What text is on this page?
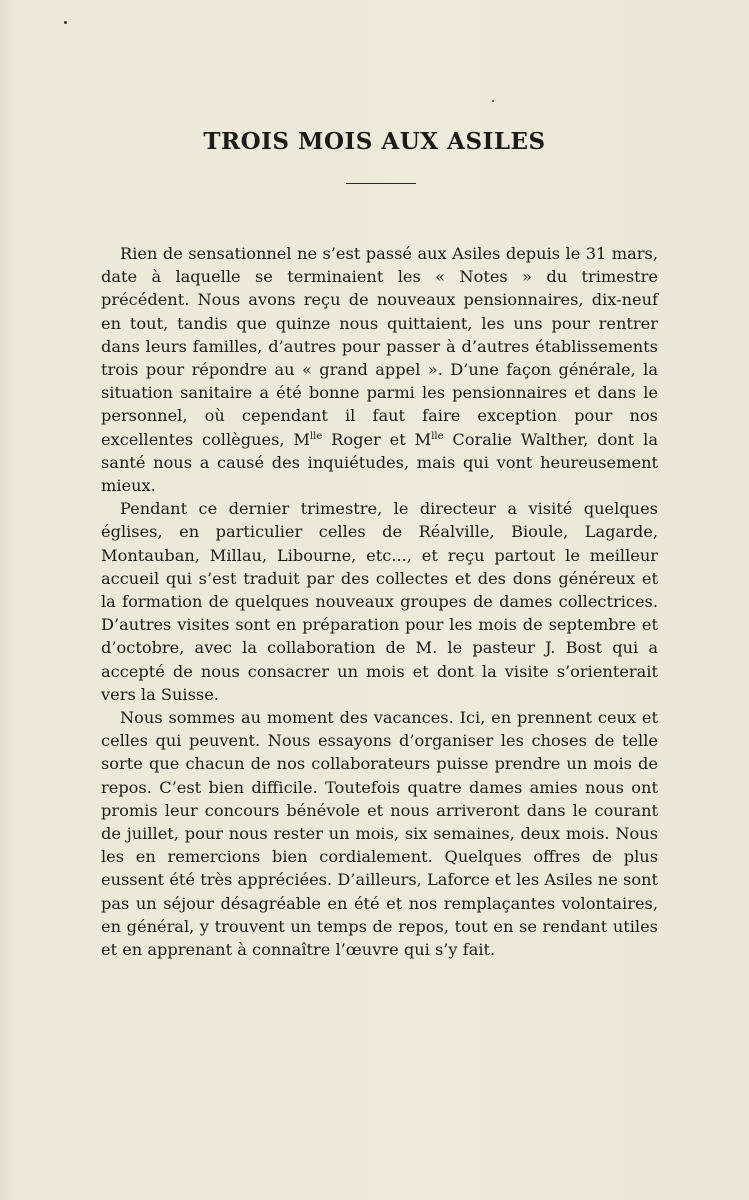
TROIS MOIS AUX ASILES

Rien de sensationnel ne s’est passé aux Asiles depuis le 31 mars, date à laquelle se terminaient les « Notes » du trimestre précédent. Nous avons reçu de nouveaux pensionnaires, dix-neuf en tout, tandis que quinze nous quittaient, les uns pour rentrer dans leurs familles, d’autres pour passer à d’autres établissements trois pour répondre au « grand appel ». D’une façon générale, la situation sanitaire a été bonne parmi les pensionnaires et dans le personnel, où cependant il faut faire exception pour nos excellentes collègues, $M^{lle}$ Roger et $M^{lle}$ Coralie Walther, dont la santé nous a causé des inquiétudes, mais qui vont heureusement mieux.

Pendant ce dernier trimestre, le directeur a visité quelques églises, en particulier celles de Réalville, Bioule, Lagarde, Montauban, Millau, Libourne, etc..., et reçu partout le meilleur accueil qui s’est traduit par des collectes et des dons généreux et la formation de quelques nouveaux groupes de dames collectrices. D’autres visites sont en préparation pour les mois de septembre et d’octobre, avec la collaboration de M. le pasteur J. Bost qui a accepté de nous consacrer un mois et dont la visite s’orienterait vers la Suisse.

Nous sommes au moment des vacances. Ici, en prennent ceux et celles qui peuvent. Nous essayons d’organiser les choses de telle sorte que chacun de nos collaborateurs puisse prendre un mois de repos. C’est bien difficile. Toutefois quatre dames amies nous ont promis leur concours bénévole et nous arriveront dans le courant de juillet, pour nous rester un mois, six semaines, deux mois. Nous les en remercions bien cordialement. Quelques offres de plus eussent été très appréciées. D’ailleurs, Laforce et les Asiles ne sont pas un séjour désagréable en été et nos remplaçantes volontaires, en général, y trouvent un temps de repos, tout en se rendant utiles et en apprenant à connaître l’œuvre qui s’y fait.
